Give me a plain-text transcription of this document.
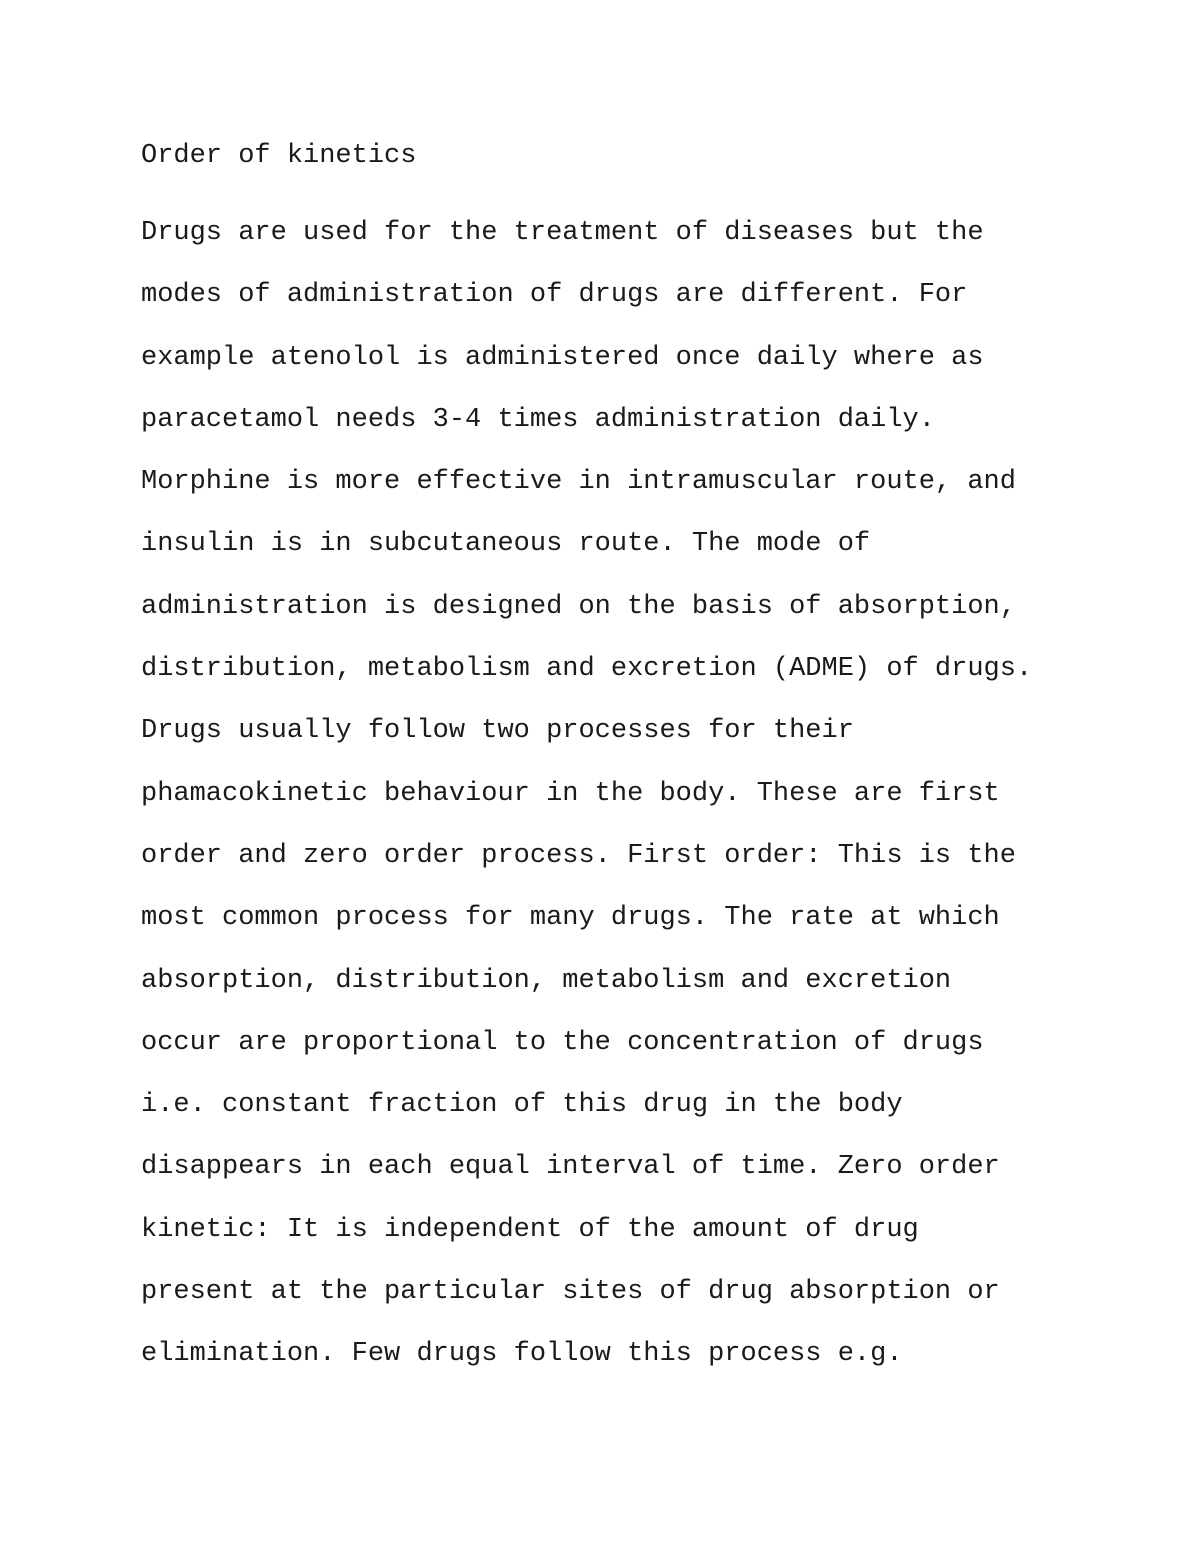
Order of kinetics
Drugs are used for the treatment of diseases but the
modes of administration of drugs are different. For
example atenolol is administered once daily where as
paracetamol needs 3-4 times administration daily.
Morphine is more effective in intramuscular route, and
insulin is in subcutaneous route. The mode of
administration is designed on the basis of absorption,
distribution, metabolism and excretion (ADME) of drugs.
Drugs usually follow two processes for their
phamacokinetic behaviour in the body. These are first
order and zero order process. First order: This is the
most common process for many drugs. The rate at which
absorption, distribution, metabolism and excretion
occur are proportional to the concentration of drugs
i.e. constant fraction of this drug in the body
disappears in each equal interval of time. Zero order
kinetic: It is independent of the amount of drug
present at the particular sites of drug absorption or
elimination. Few drugs follow this process e.g.
